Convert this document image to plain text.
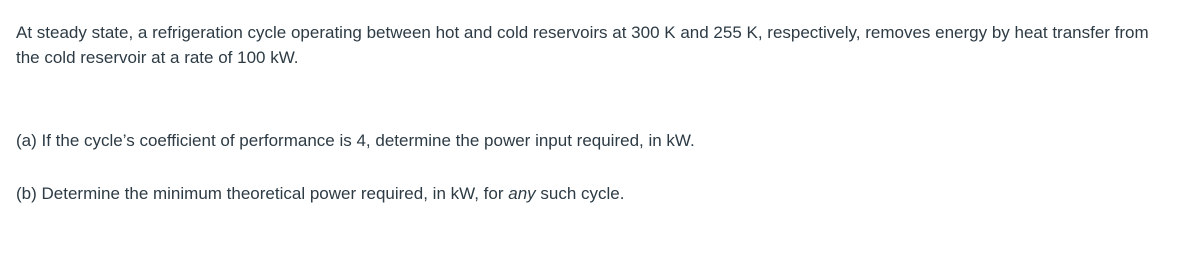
At steady state, a refrigeration cycle operating between hot and cold reservoirs at 300 K and 255 K, respectively, removes energy by heat transfer from the cold reservoir at a rate of 100 kW.

(a) If the cycle’s coefficient of performance is 4, determine the power input required, in kW.

(b) Determine the minimum theoretical power required, in kW, for any such cycle.
